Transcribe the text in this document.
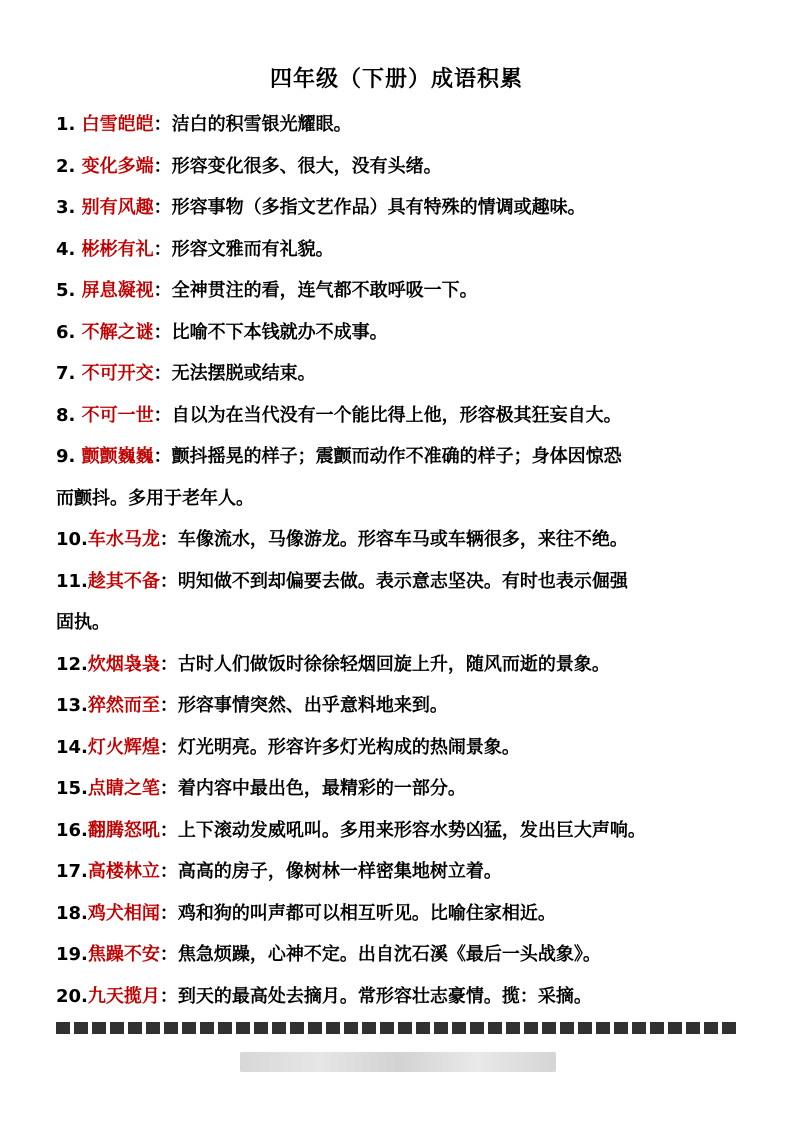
四年级（下册）成语积累
1. 白雪皑皑：洁白的积雪银光耀眼。
2. 变化多端：形容变化很多、很大，没有头绪。
3. 别有风趣：形容事物（多指文艺作品）具有特殊的情调或趣味。
4. 彬彬有礼：形容文雅而有礼貌。
5. 屏息凝视：全神贯注的看，连气都不敢呼吸一下。
6. 不解之谜：比喻不下本钱就办不成事。
7. 不可开交：无法摆脱或结束。
8. 不可一世：自以为在当代没有一个能比得上他，形容极其狂妄自大。
9. 颤颤巍巍：颤抖摇晃的样子；震颤而动作不准确的样子；身体因惊恐
而颤抖。多用于老年人。
10.车水马龙：车像流水，马像游龙。形容车马或车辆很多，来往不绝。
11.趁其不备：明知做不到却偏要去做。表示意志坚决。有时也表示倔强
固执。
12.炊烟袅袅：古时人们做饭时徐徐轻烟回旋上升，随风而逝的景象。
13.猝然而至：形容事情突然、出乎意料地来到。
14.灯火辉煌：灯光明亮。形容许多灯光构成的热闹景象。
15.点睛之笔：着内容中最出色，最精彩的一部分。
16.翻腾怒吼：上下滚动发威吼叫。多用来形容水势凶猛，发出巨大声响。
17.高楼林立：高高的房子，像树林一样密集地树立着。
18.鸡犬相闻：鸡和狗的叫声都可以相互听见。比喻住家相近。
19.焦躁不安：焦急烦躁，心神不定。出自沈石溪《最后一头战象》。
20.九天揽月：到天的最高处去摘月。常形容壮志豪情。揽：采摘。
